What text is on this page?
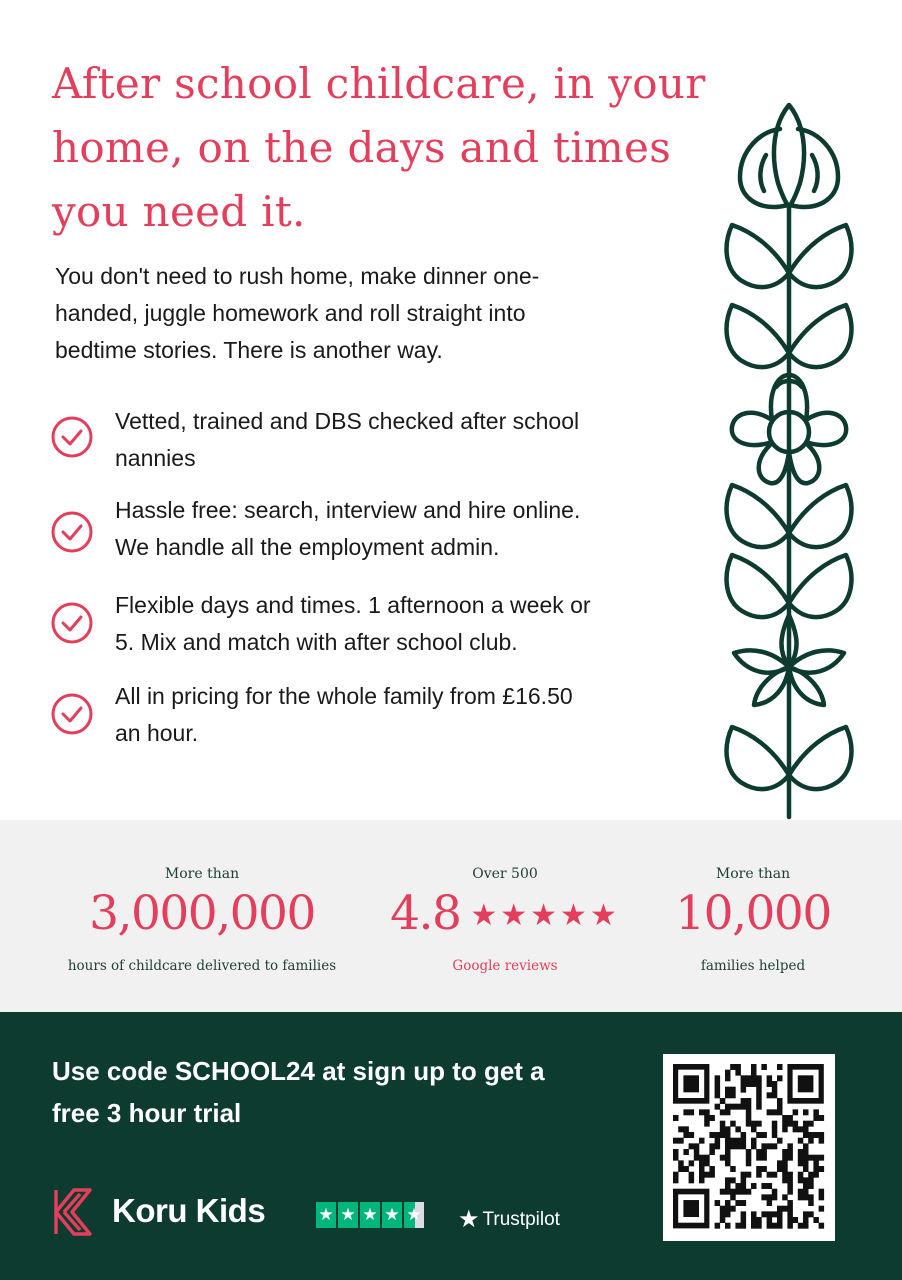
After school childcare, in your
home, on the days and times
you need it.
You don't need to rush home, make dinner one-
handed, juggle homework and roll straight into
bedtime stories. There is another way.
Vetted, trained and DBS checked after school
nannies
Hassle free: search, interview and hire online.
We handle all the employment admin.
Flexible days and times. 1 afternoon a week or
5. Mix and match with after school club.
All in pricing for the whole family from £16.50
an hour.
More than
3,000,000
hours of childcare delivered to families
Over 500
4.8 ★★★★★
Google reviews
More than
10,000
families helped
Use code SCHOOL24 at sign up to get a
free 3 hour trial
Koru Kids	★ ★ ★ ★ ★ ★ Trustpilot
